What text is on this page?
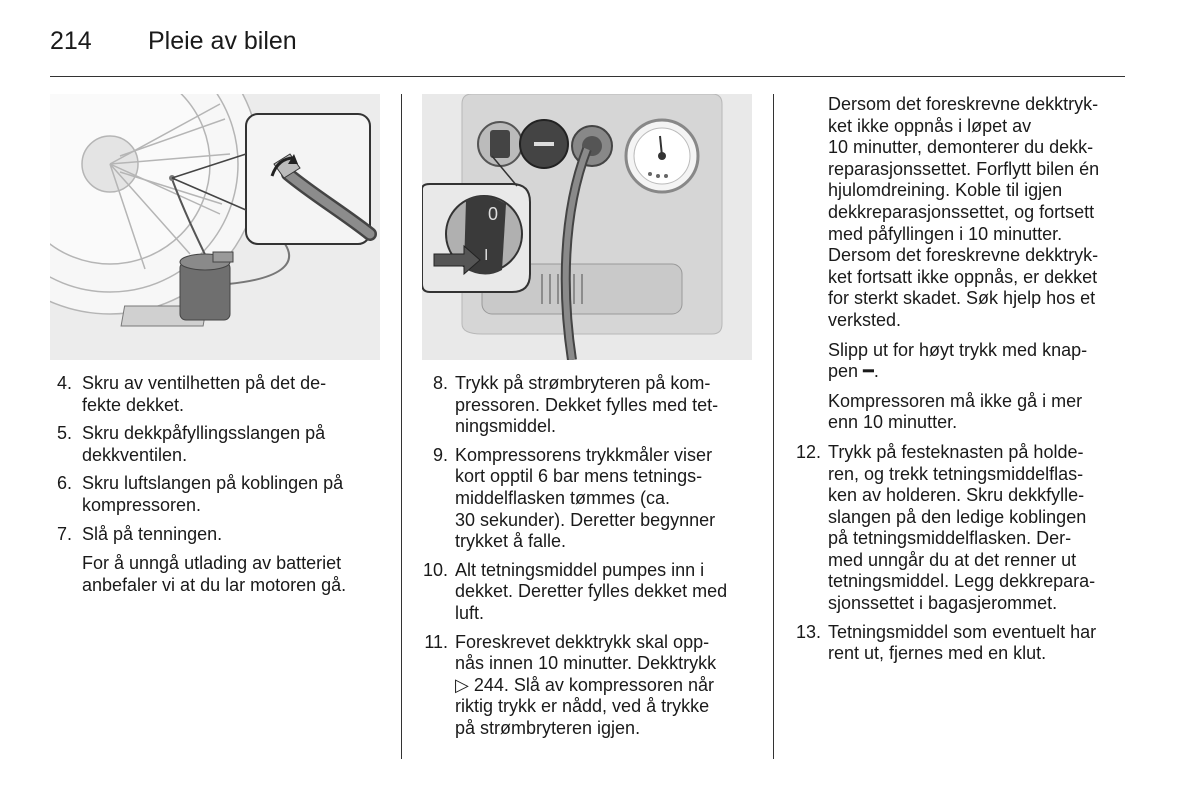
214 Pleie av bilen
4. Skru av ventilhetten på det de-
fekte dekket.
5. Skru dekkpåfyllingsslangen på
dekkventilen.
6. Skru luftslangen på koblingen på
kompressoren.
7. Slå på tenningen.
For å unngå utlading av batteriet
anbefaler vi at du lar motoren gå.
0
I
8. Trykk på strømbryteren på kom-
pressoren. Dekket fylles med tet-
ningsmiddel.
9. Kompressorens trykkmåler viser
kort opptil 6 bar mens tetnings-
middelflasken tømmes (ca.
30 sekunder). Deretter begynner
trykket å falle.
10. Alt tetningsmiddel pumpes inn i
dekket. Deretter fylles dekket med
luft.
11. Foreskrevet dekktrykk skal opp-
nås innen 10 minutter. Dekktrykk
▷ 244. Slå av kompressoren når
riktig trykk er nådd, ved å trykke
på strømbryteren igjen.
Dersom det foreskrevne dekktryk-
ket ikke oppnås i løpet av
10 minutter, demonterer du dekk-
reparasjonssettet. Forflytt bilen én
hjulomdreining. Koble til igjen
dekkreparasjonssettet, og fortsett
med påfyllingen i 10 minutter.
Dersom det foreskrevne dekktryk-
ket fortsatt ikke oppnås, er dekket
for sterkt skadet. Søk hjelp hos et
verksted.
Slipp ut for høyt trykk med knap-
pen ━.
Kompressoren må ikke gå i mer
enn 10 minutter.
12. Trykk på festeknasten på holde-
ren, og trekk tetningsmiddelflas-
ken av holderen. Skru dekkfylle-
slangen på den ledige koblingen
på tetningsmiddelflasken. Der-
med unngår du at det renner ut
tetningsmiddel. Legg dekkrepara-
sjonssettet i bagasjerommet.
13. Tetningsmiddel som eventuelt har
rent ut, fjernes med en klut.
